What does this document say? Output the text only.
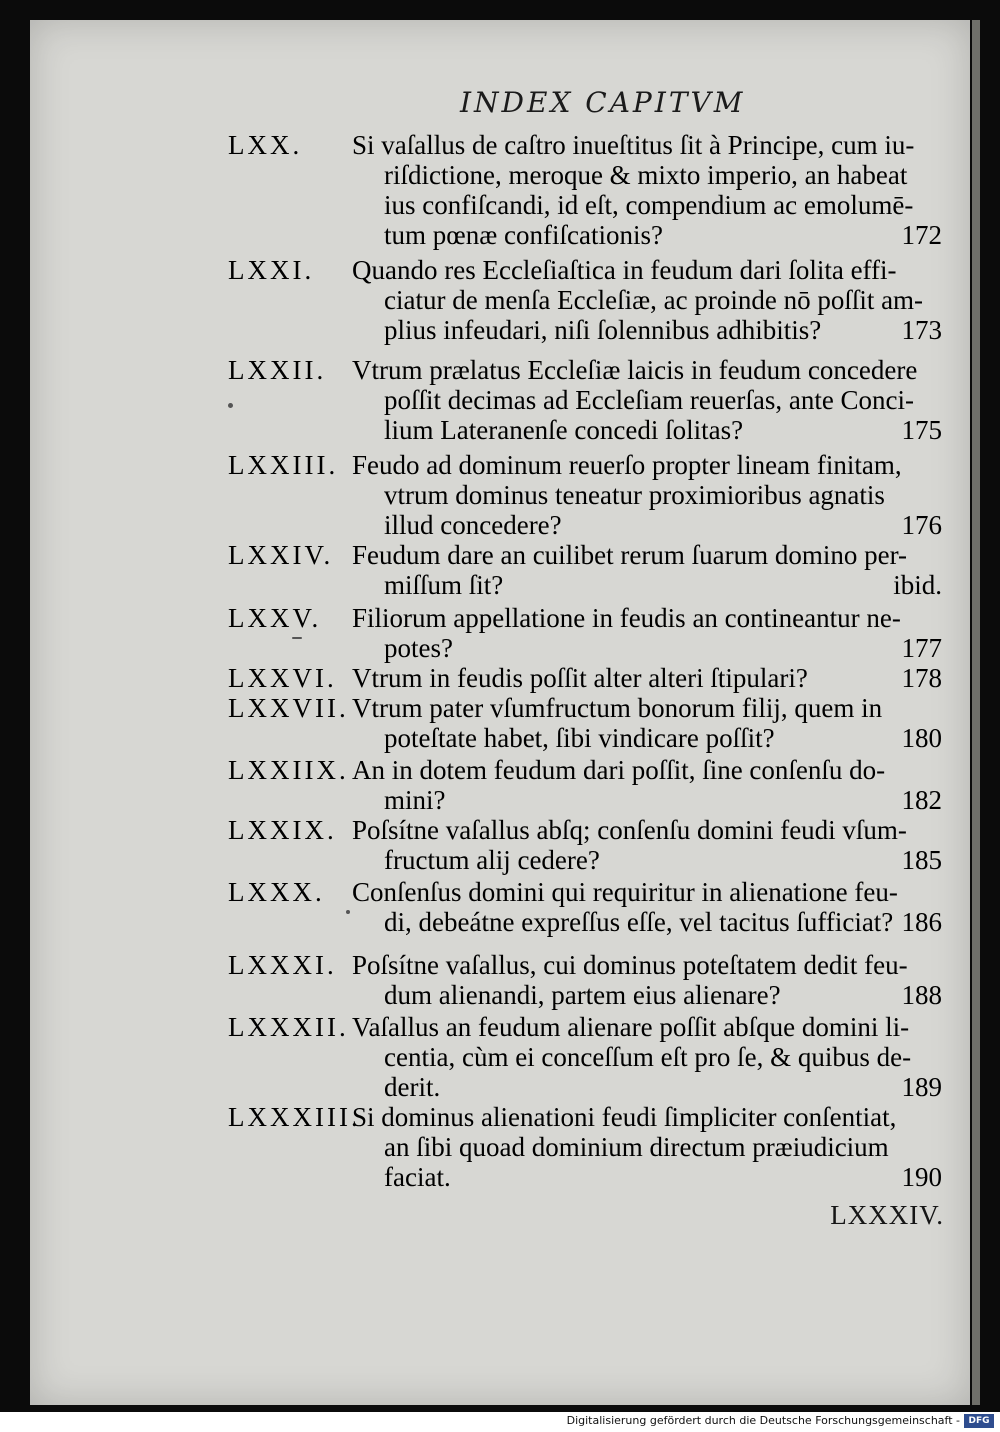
INDEX CAPITVM
LXX. Si vaſallus de caſtro inueſtitus ſit à Principe, cum iu-
riſdictione, meroque & mixto imperio, an habeat
ius confiſcandi, id eſt, compendium ac emolumē-
tum pœnæ confiſcationis?	172
LXXI. Quando res Eccleſiaſtica in feudum dari ſolita effi-
ciatur de menſa Eccleſiæ, ac proinde nō poſſit am-
plius infeudari, niſi ſolennibus adhibitis?	173
LXXII. Vtrum prælatus Eccleſiæ laicis in feudum concedere
poſſit decimas ad Eccleſiam reuerſas, ante Conci-
lium Lateranenſe concedi ſolitas?	175
LXXIII. Feudo ad dominum reuerſo propter lineam finitam,
vtrum dominus teneatur proximioribus agnatis
illud concedere?	176
LXXIV. Feudum dare an cuilibet rerum ſuarum domino per-
miſſum ſit?	ibid.
LXXV. Filiorum appellatione in feudis an contineantur ne-
potes?	177
LXXVI. Vtrum in feudis poſſit alter alteri ſtipulari?	178
LXXVII. Vtrum pater vſumfructum bonorum filij, quem in
poteſtate habet, ſibi vindicare poſſit?	180
LXXIIX. An in dotem feudum dari poſſit, ſine conſenſu do-
mini?	182
LXXIX. Poſsítne vaſallus abſq; conſenſu domini feudi vſum-
fructum alij cedere?	185
LXXX. Conſenſus domini qui requiritur in alienatione feu-
di, debeátne expreſſus eſſe, vel tacitus ſufficiat? 186
LXXXI. Poſsítne vaſallus, cui dominus poteſtatem dedit feu-
dum alienandi, partem eius alienare?	188
LXXXII. Vaſallus an feudum alienare poſſit abſque domini li-
centia, cùm ei conceſſum eſt pro ſe, & quibus de-
derit.	189
LXXXIII.
Si dominus alienationi feudi ſimpliciter conſentiat,
an ſibi quoad dominium directum præiudicium
faciat.	190
LXXXIV.
Digitalisierung gefördert durch die Deutsche Forschungsgemeinschaft - DFG
